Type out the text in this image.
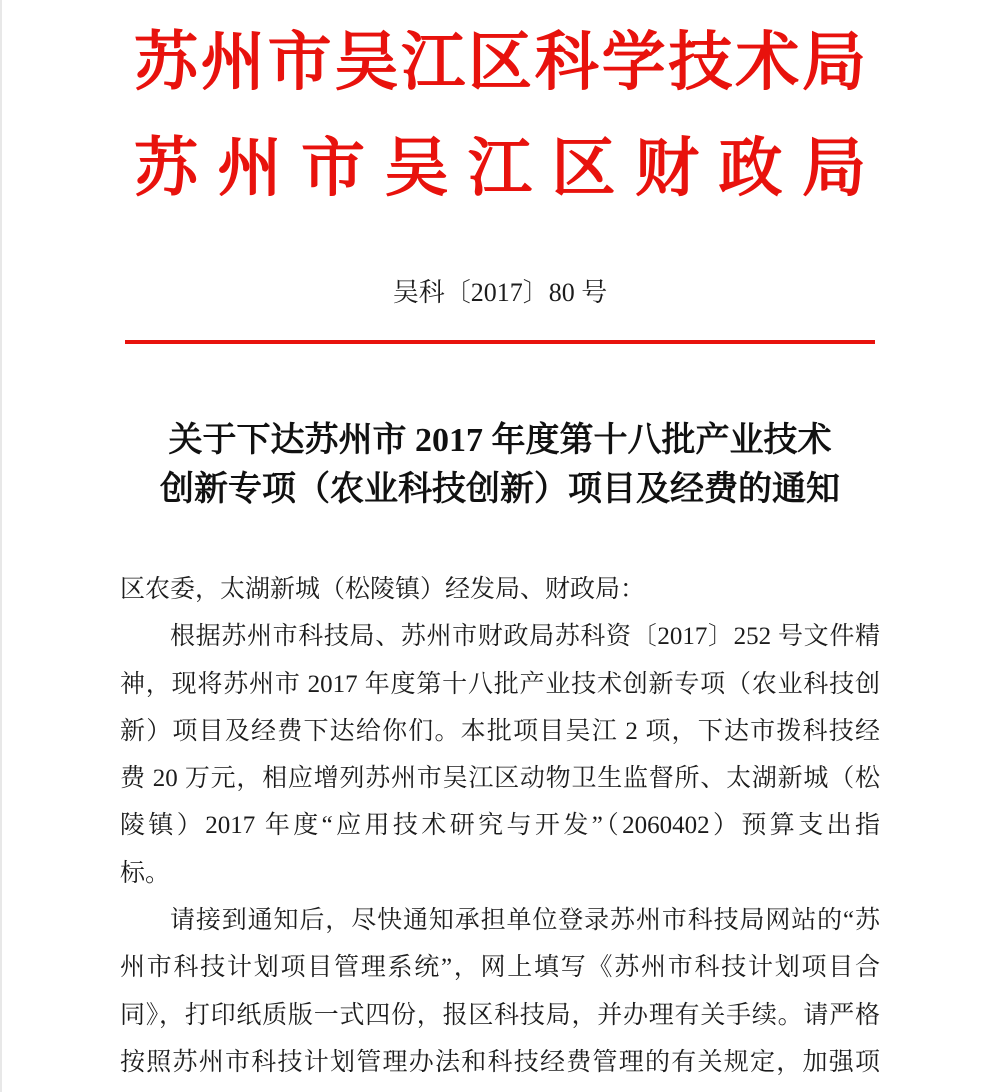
苏州市吴江区科学技术局
苏州市吴江区财政局
吴科〔2017〕80 号
关于下达苏州市 2017 年度第十八批产业技术
创新专项（农业科技创新）项目及经费的通知
区农委，太湖新城（松陵镇）经发局、财政局：
根据苏州市科技局、苏州市财政局苏科资〔2017〕252 号文件精
神，现将苏州市 2017 年度第十八批产业技术创新专项（农业科技创
新）项目及经费下达给你们。本批项目吴江 2 项，下达市拨科技经
费 20 万元，相应增列苏州市吴江区动物卫生监督所、太湖新城（松
陵镇）2017 年度“应用技术研究与开发”（2060402）预算支出指
标。
请接到通知后，尽快通知承担单位登录苏州市科技局网站的“苏
州市科技计划项目管理系统”，网上填写《苏州市科技计划项目合
同》，打印纸质版一式四份，报区科技局，并办理有关手续。请严格
按照苏州市科技计划管理办法和科技经费管理的有关规定，加强项
